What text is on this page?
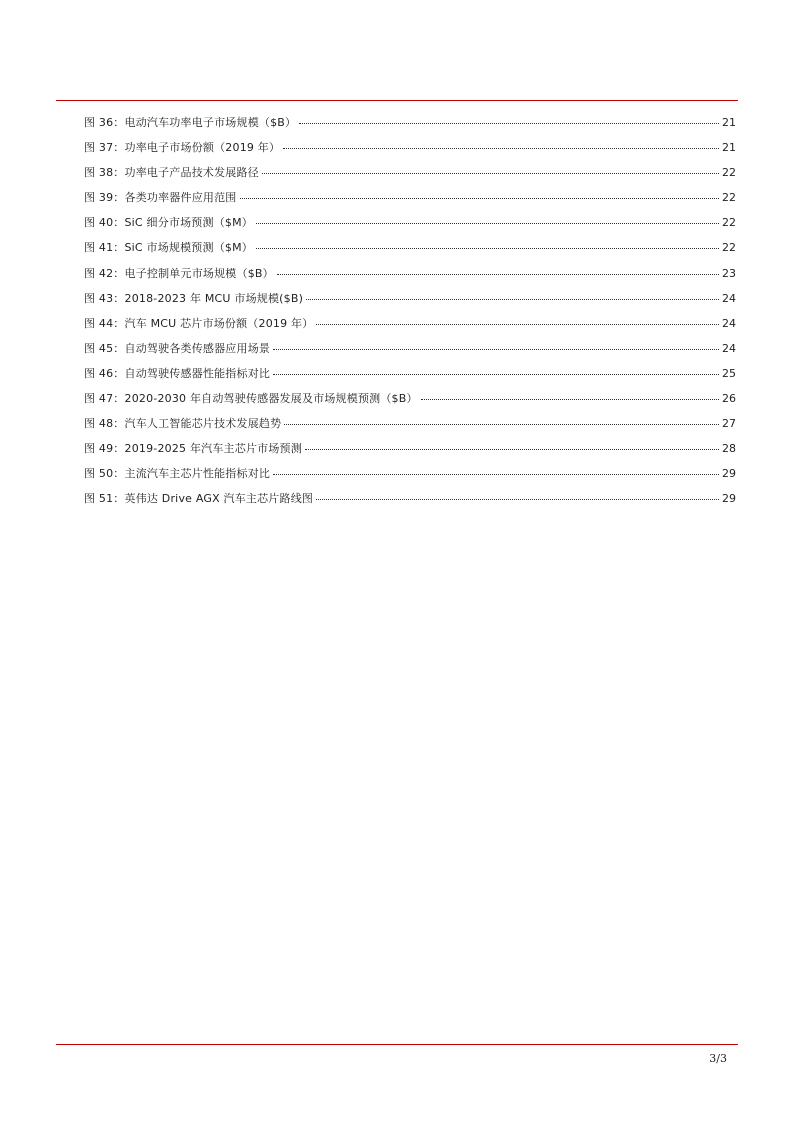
图 36：电动汽车功率电子市场规模（$B）	21
图 37：功率电子市场份额（2019 年）	21
图 38：功率电子产品技术发展路径	22
图 39：各类功率器件应用范围	22
图 40：SiC 细分市场预测（$M）	22
图 41：SiC 市场规模预测（$M）	22
图 42：电子控制单元市场规模（$B）	23
图 43：2018-2023 年 MCU 市场规模($B)	24
图 44：汽车 MCU 芯片市场份额（2019 年）	24
图 45：自动驾驶各类传感器应用场景	24
图 46：自动驾驶传感器性能指标对比	25
图 47：2020-2030 年自动驾驶传感器发展及市场规模预测（$B）	26
图 48：汽车人工智能芯片技术发展趋势	27
图 49：2019-2025 年汽车主芯片市场预测	28
图 50：主流汽车主芯片性能指标对比	29
图 51：英伟达 Drive AGX 汽车主芯片路线图	29
3/3
